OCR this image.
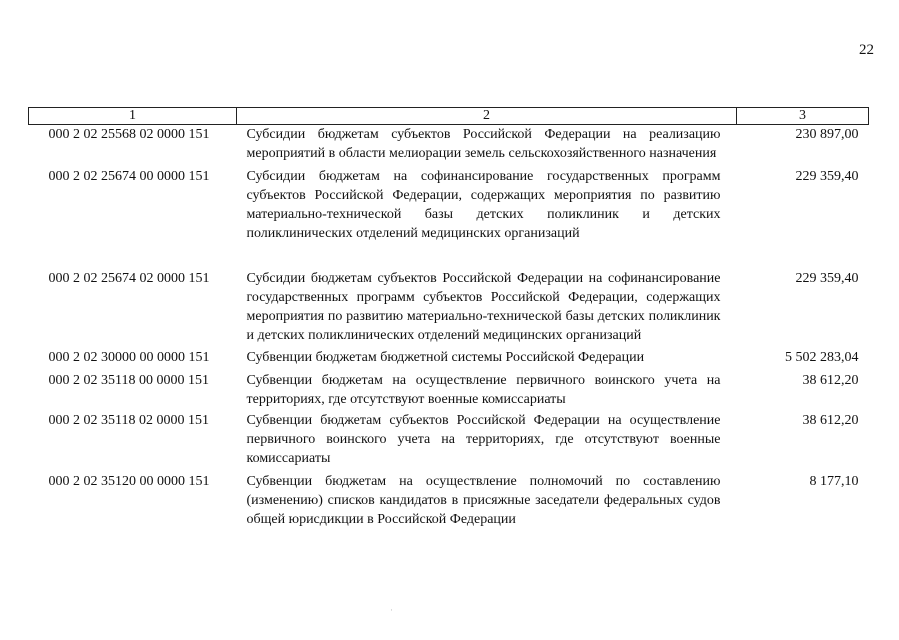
22
1	2	3
000 2 02 25568 02 0000 151	Субсидии бюджетам субъектов Российской Федерации на реализацию мероприятий в области мелиорации земель сельскохозяйственного назначения	230 897,00
000 2 02 25674 00 0000 151	Субсидии бюджетам на софинансирование государственных программ субъектов Российской Федерации, содержащих мероприятия по развитию материально-технической базы детских поликлиник и детских поликлинических отделений медицинских организаций	229 359,40
000 2 02 25674 02 0000 151	Субсидии бюджетам субъектов Российской Федерации на софинансирование государственных программ субъектов Российской Федерации, содержащих мероприятия по развитию материально-технической базы детских поликлиник и детских поликлинических отделений медицинских организаций	229 359,40
000 2 02 30000 00 0000 151	Субвенции бюджетам бюджетной системы Российской Федерации	5 502 283,04
000 2 02 35118 00 0000 151	Субвенции бюджетам на осуществление первичного воинского учета на территориях, где отсутствуют военные комиссариаты	38 612,20
000 2 02 35118 02 0000 151	Субвенции бюджетам субъектов Российской Федерации на осуществление первичного воинского учета на территориях, где отсутствуют военные комиссариаты	38 612,20
000 2 02 35120 00 0000 151	Субвенции бюджетам на осуществление полномочий по составлению (изменению) списков кандидатов в присяжные заседатели федеральных судов общей юрисдикции в Российской Федерации	8 177,10
·
